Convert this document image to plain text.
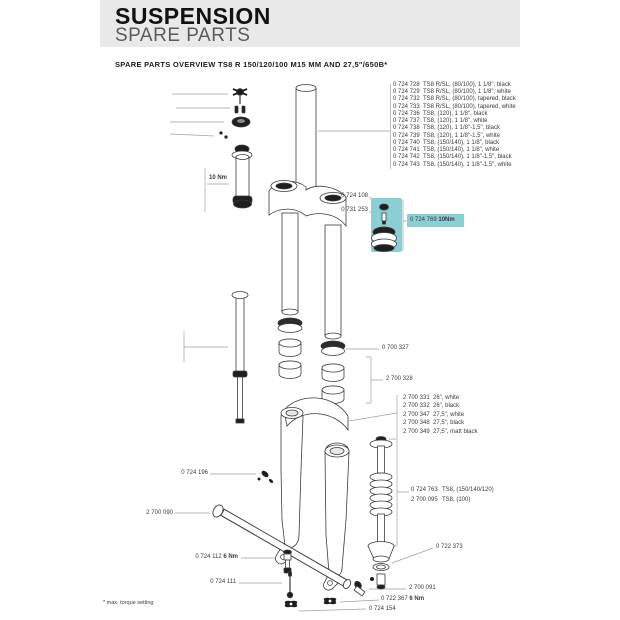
SUSPENSION
SPARE PARTS
SPARE PARTS OVERVIEW TS8 R 150/120/100 M15 MM AND 27,5"/650B*
10 Nm
0 724 728 TS8 R/SL, (80/100), 1 1/8", black
0 724 729 TS8 R/SL, (80/100), 1 1/8", white
0 724 732 TS8 R/SL, (80/100), tapered, black
0 724 733 TS8 R/SL, (80/100), tapered, white
0 724 736 TS8, (120), 1 1/8", black
0 724 737 TS8, (120), 1 1/8", white
0 724 738 TS8, (120), 1 1/8"-1,5", black
0 724 739 TS8, (120), 1 1/8"-1,5", white
0 724 740 TS8, (150/140), 1 1/8", black
0 724 741 TS8, (150/140), 1 1/8", white
0 724 742 TS8, (150/140), 1 1/8"-1,5", black
0 724 743 TS8, (150/140), 1 1/8"-1,5", white
0 724 108
0 731 253
0 724 769 10Nm
0 700 327
2 700 328
2 700 331 26", white
2 700 332 26", black
2 700 347 27,5", white
2 700 348 27,5", black
2 700 349 27,5", matt black
0 724 763 TS8, (150/140/120)
2 700 095 TS8, (100)
0 724 196
2 700 090
0 724 112 6 Nm
0 724 111
0 722 373
2 700 091
0 722 367 6 Nm
0 724 154
* max. torque setting
